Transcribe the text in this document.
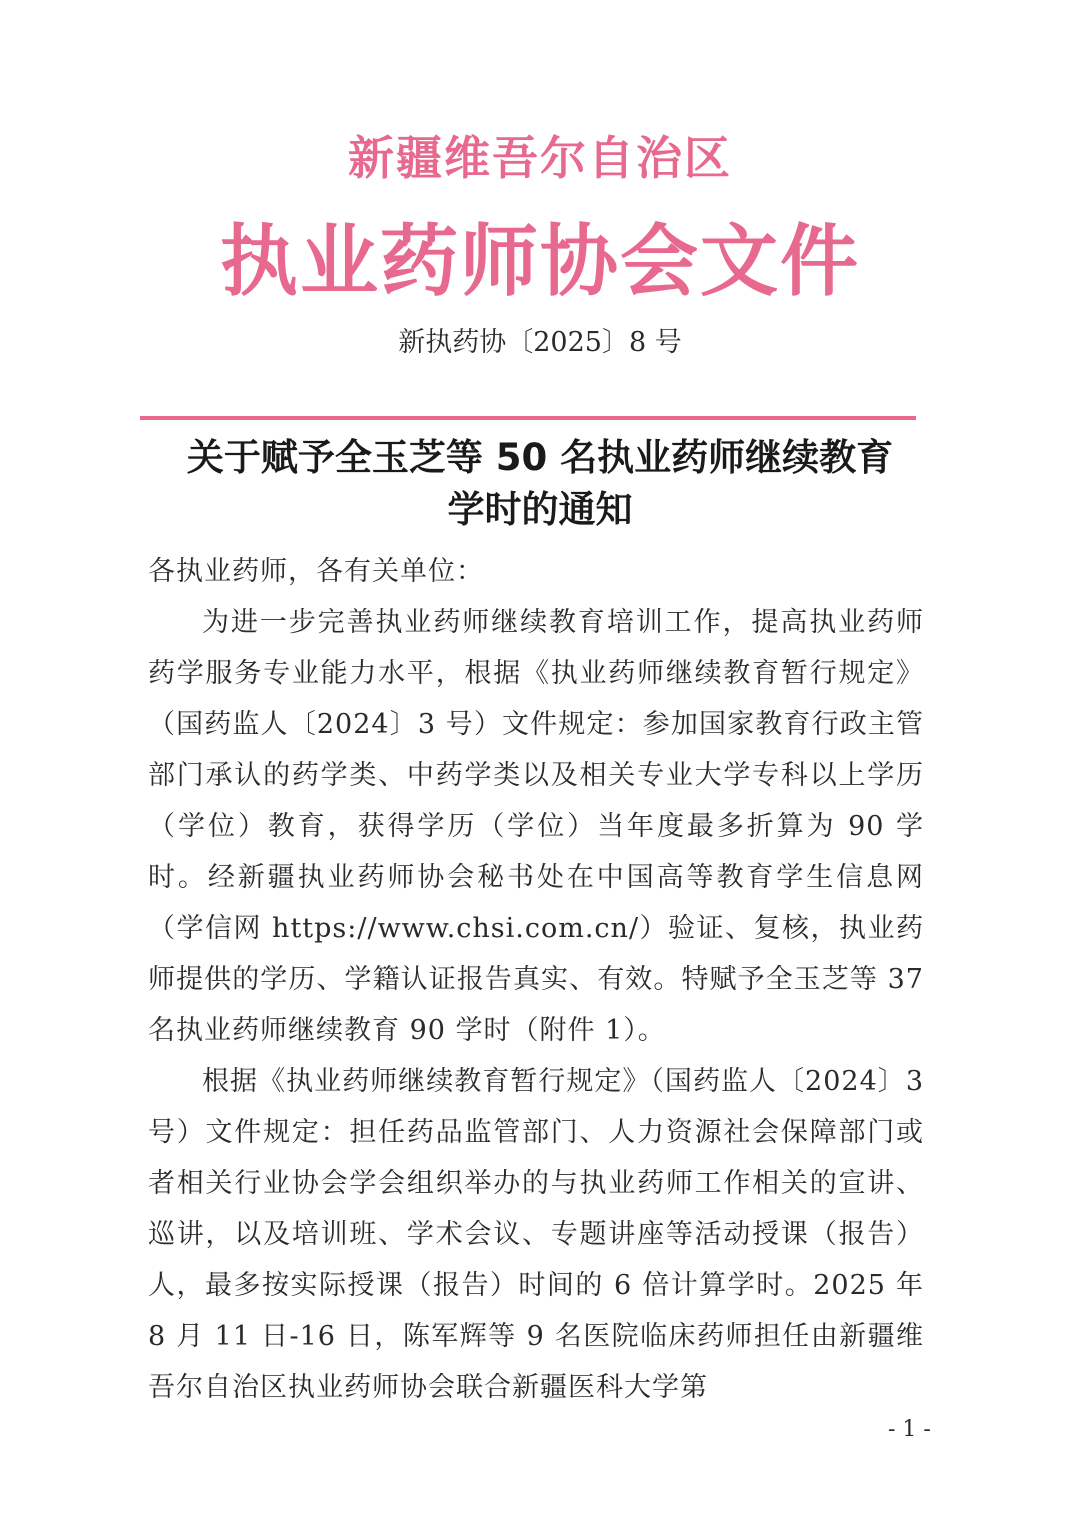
新疆维吾尔自治区
执业药师协会文件
新执药协〔2025〕8 号
关于赋予全玉芝等 50 名执业药师继续教育
学时的通知

各执业药师，各有关单位：

为进一步完善执业药师继续教育培训工作，提高执业药师药学服务专业能力水平，根据《执业药师继续教育暂行规定》（国药监人〔2024〕3 号）文件规定：参加国家教育行政主管部门承认的药学类、中药学类以及相关专业大学专科以上学历（学位）教育，获得学历（学位）当年度最多折算为 90 学时。经新疆执业药师协会秘书处在中国高等教育学生信息网（学信网 https://www.chsi.com.cn/）验证、复核，执业药师提供的学历、学籍认证报告真实、有效。特赋予全玉芝等 37 名执业药师继续教育 90 学时（附件 1）。

根据《执业药师继续教育暂行规定》（国药监人〔2024〕3 号）文件规定：担任药品监管部门、人力资源社会保障部门或者相关行业协会学会组织举办的与执业药师工作相关的宣讲、巡讲，以及培训班、学术会议、专题讲座等活动授课（报告）人，最多按实际授课（报告）时间的 6 倍计算学时。2025 年 8 月 11 日-16 日，陈军辉等 9 名医院临床药师担任由新疆维吾尔自治区执业药师协会联合新疆医科大学第

- 1 -
